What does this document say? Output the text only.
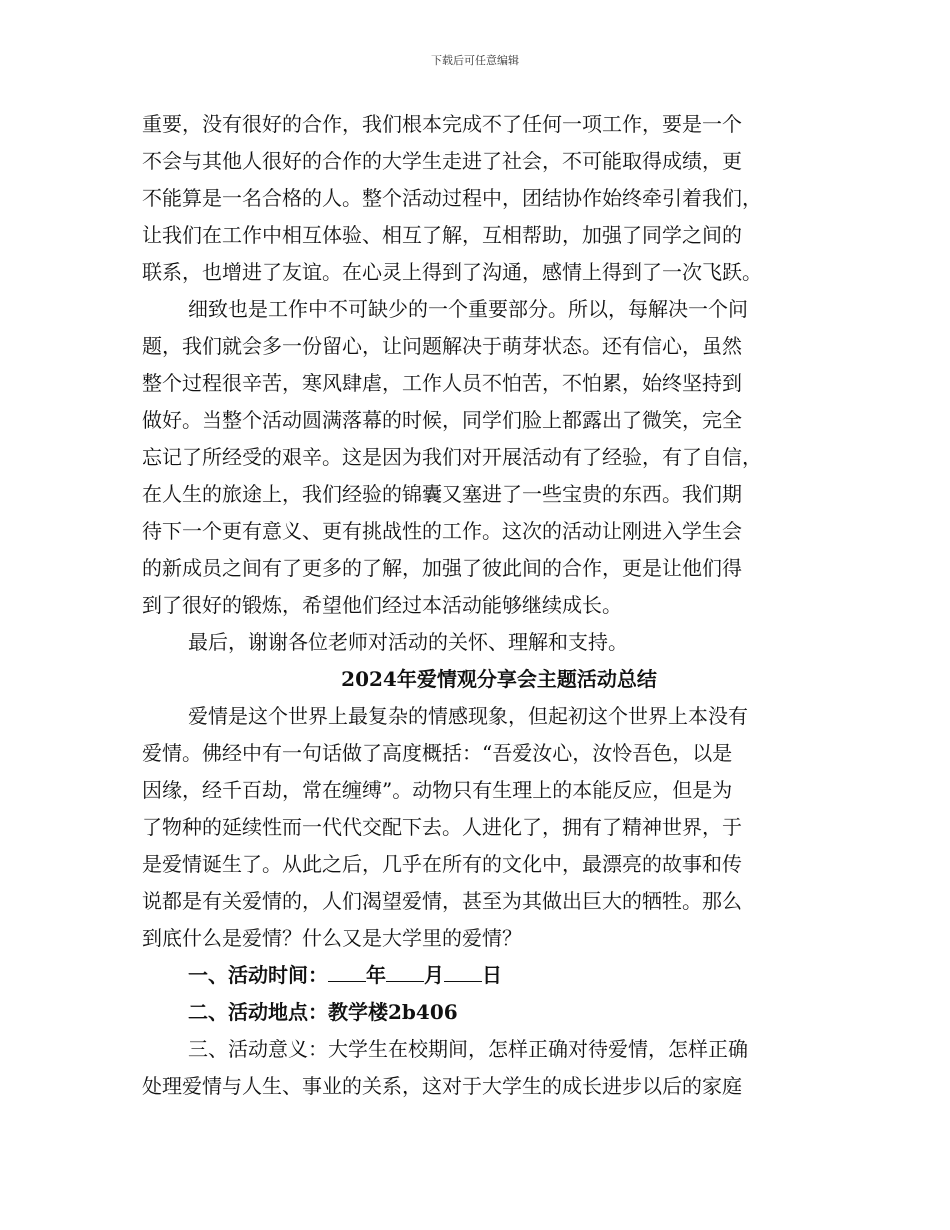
下载后可任意编辑
重要，没有很好的合作，我们根本完成不了任何一项工作，要是一个
不会与其他人很好的合作的大学生走进了社会，不可能取得成绩，更
不能算是一名合格的人。整个活动过程中，团结协作始终牵引着我们，
让我们在工作中相互体验、相互了解，互相帮助，加强了同学之间的
联系，也增进了友谊。在心灵上得到了沟通，感情上得到了一次飞跃。
细致也是工作中不可缺少的一个重要部分。所以，每解决一个问
题，我们就会多一份留心，让问题解决于萌芽状态。还有信心，虽然
整个过程很辛苦，寒风肆虐，工作人员不怕苦，不怕累，始终坚持到
做好。当整个活动圆满落幕的时候，同学们脸上都露出了微笑，完全
忘记了所经受的艰辛。这是因为我们对开展活动有了经验，有了自信，
在人生的旅途上，我们经验的锦囊又塞进了一些宝贵的东西。我们期
待下一个更有意义、更有挑战性的工作。这次的活动让刚进入学生会
的新成员之间有了更多的了解，加强了彼此间的合作，更是让他们得
到了很好的锻炼，希望他们经过本活动能够继续成长。
最后，谢谢各位老师对活动的关怀、理解和支持。
2024年爱情观分享会主题活动总结
爱情是这个世界上最复杂的情感现象，但起初这个世界上本没有
爱情。佛经中有一句话做了高度概括：“吾爱汝心，汝怜吾色，以是
因缘，经千百劫，常在缠缚”。动物只有生理上的本能反应，但是为
了物种的延续性而一代代交配下去。人进化了，拥有了精神世界，于
是爱情诞生了。从此之后，几乎在所有的文化中，最漂亮的故事和传
说都是有关爱情的，人们渴望爱情，甚至为其做出巨大的牺牲。那么
到底什么是爱情？什么又是大学里的爱情？
一、活动时间： 年 月 日
二、活动地点：教学楼2b406
三、活动意义：大学生在校期间，怎样正确对待爱情，怎样正确
处理爱情与人生、事业的关系，这对于大学生的成长进步以后的家庭
